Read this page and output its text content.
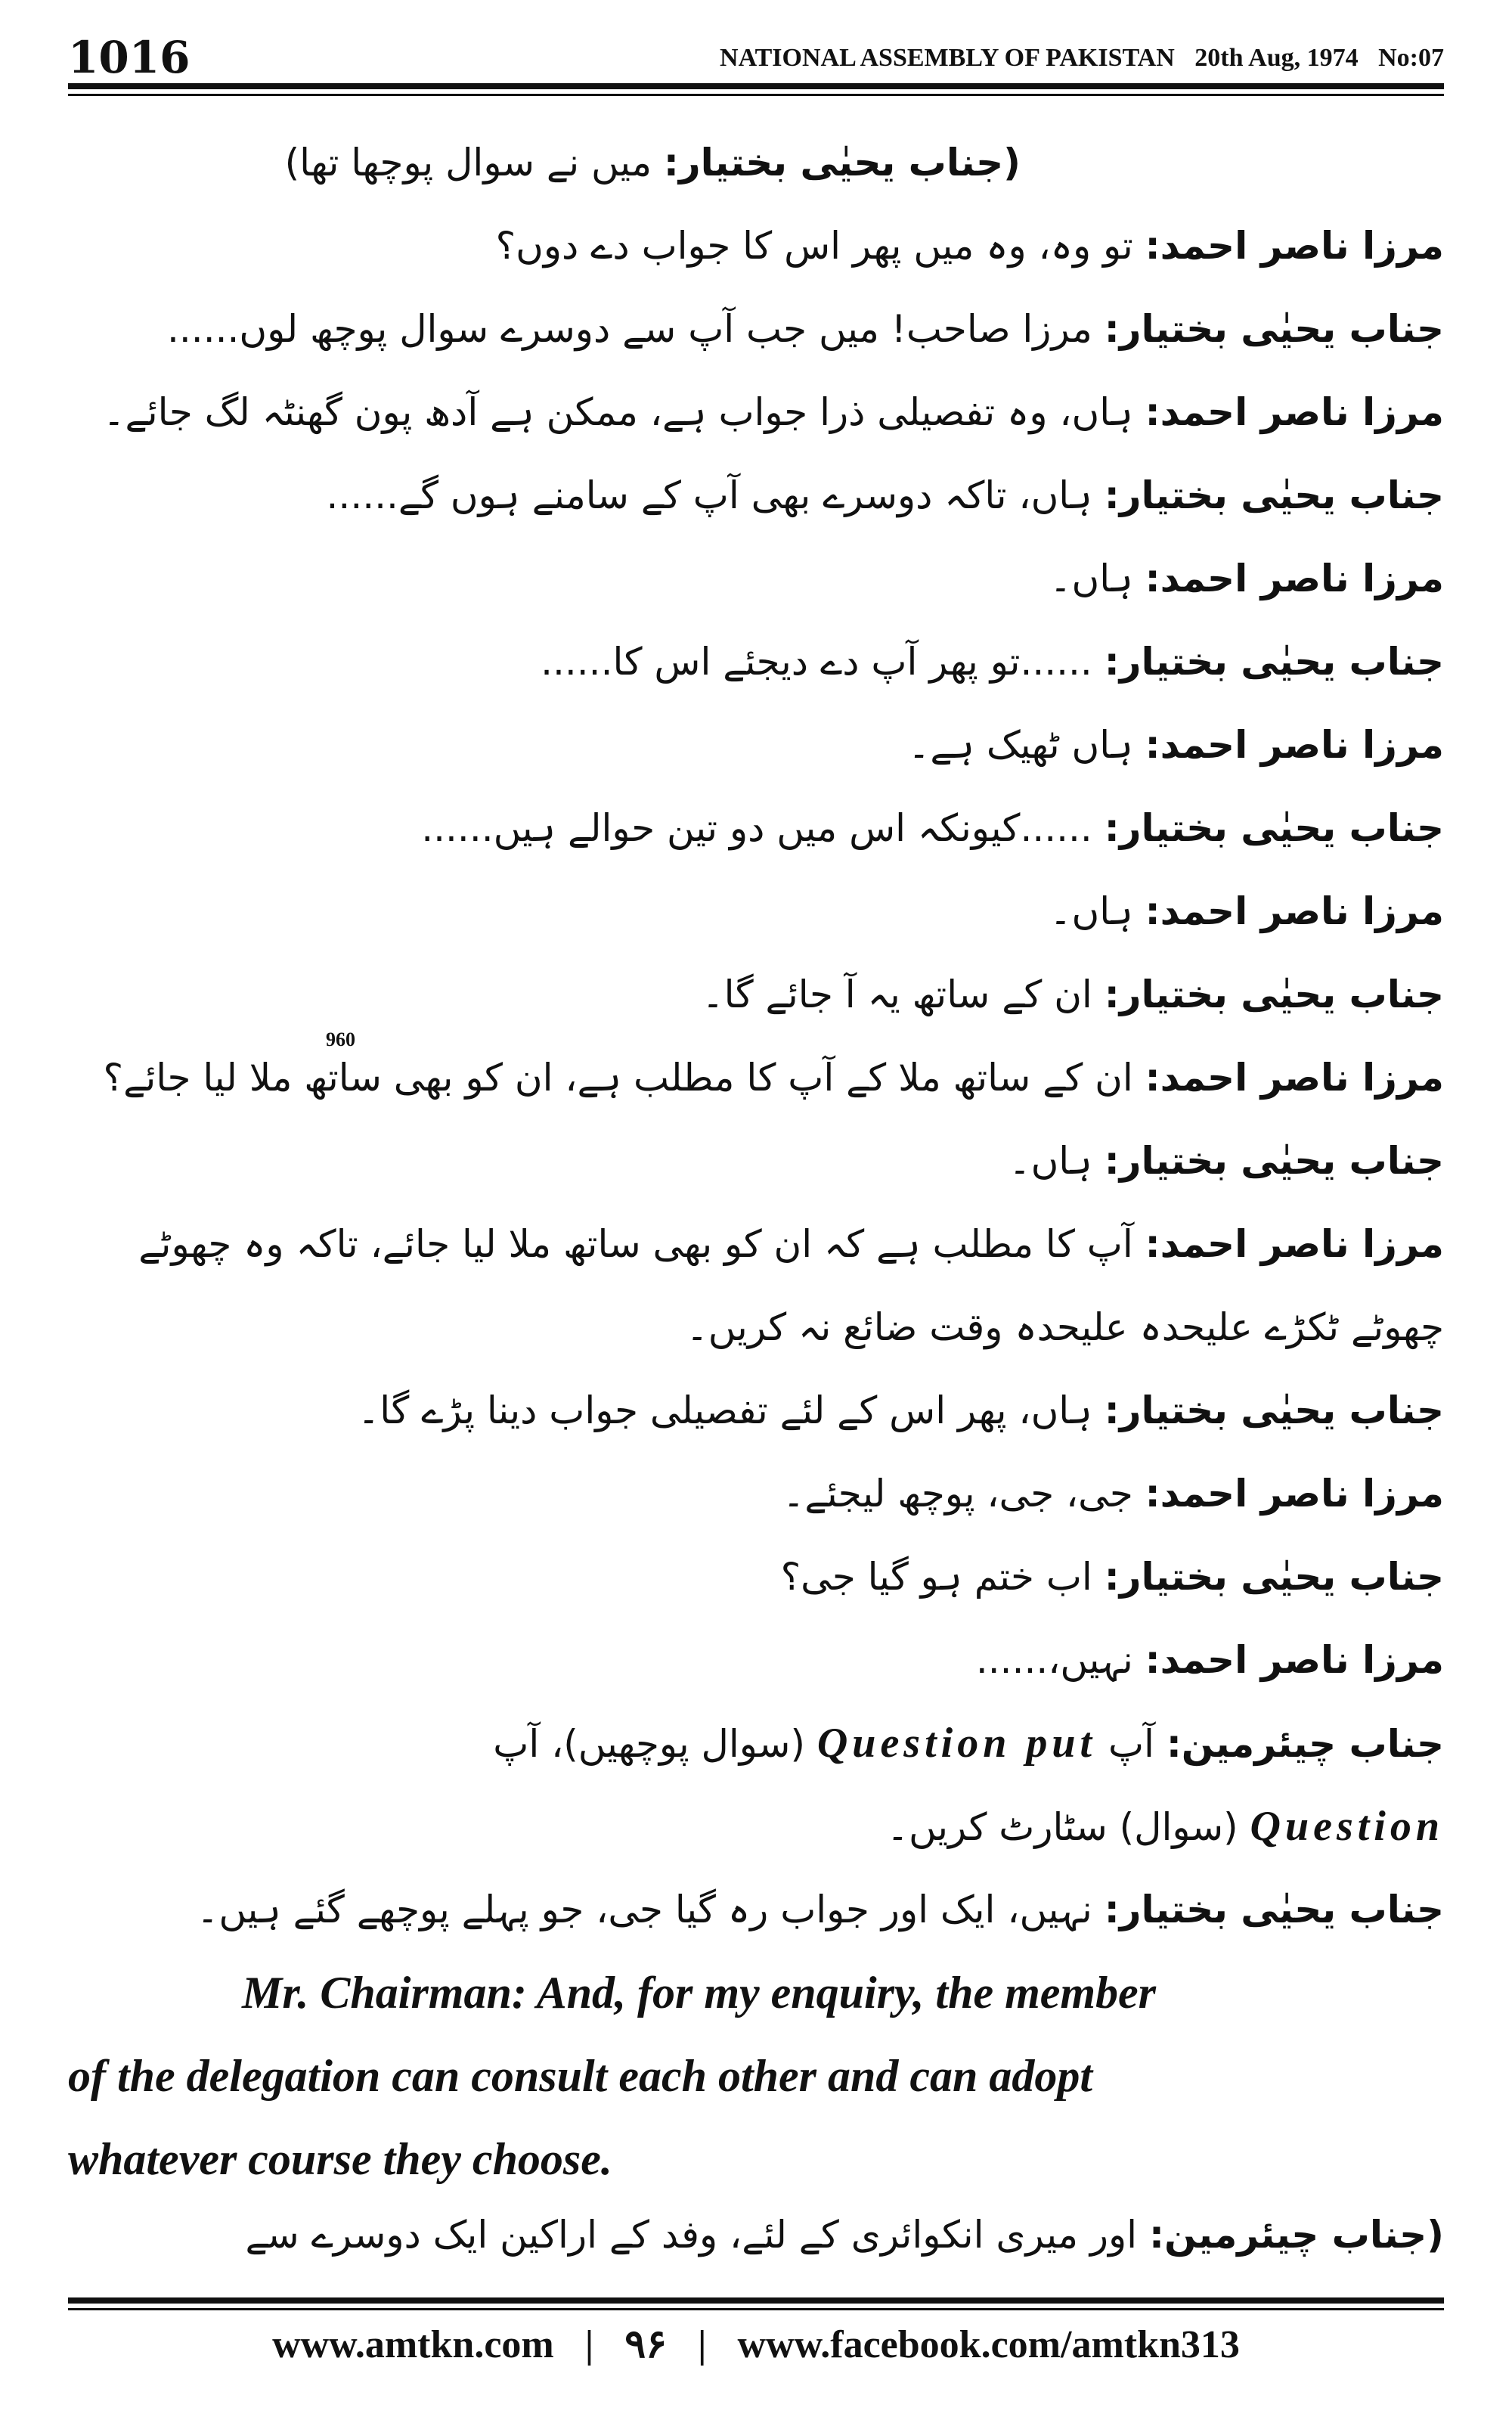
1016	NATIONAL ASSEMBLY OF PAKISTAN 20th Aug, 1974 No:07
(جناب یحیٰی بختیار: میں نے سوال پوچھا تھا)
مرزا ناصر احمد: تو وہ، وہ میں پھر اس کا جواب دے دوں؟
جناب یحیٰی بختیار: مرزا صاحب! میں جب آپ سے دوسرے سوال پوچھ لوں......
مرزا ناصر احمد: ہاں، وہ تفصیلی ذرا جواب ہے، ممکن ہے آدھ پون گھنٹہ لگ جائے۔
جناب یحیٰی بختیار: ہاں، تاکہ دوسرے بھی آپ کے سامنے ہوں گے......
مرزا ناصر احمد: ہاں۔
جناب یحیٰی بختیار: ......تو پھر آپ دے دیجئے اس کا......
مرزا ناصر احمد: ہاں ٹھیک ہے۔
جناب یحیٰی بختیار: ......کیونکہ اس میں دو تین حوالے ہیں......
مرزا ناصر احمد: ہاں۔
جناب یحیٰی بختیار: ان کے ساتھ یہ آ جائے گا۔
960
مرزا ناصر احمد: ان کے ساتھ ملا کے آپ کا مطلب ہے، ان کو بھی ساتھ ملا لیا جائے؟
جناب یحیٰی بختیار: ہاں۔
مرزا ناصر احمد: آپ کا مطلب ہے کہ ان کو بھی ساتھ ملا لیا جائے، تاکہ وہ چھوٹے
چھوٹے ٹکڑے علیحدہ علیحدہ وقت ضائع نہ کریں۔
جناب یحیٰی بختیار: ہاں، پھر اس کے لئے تفصیلی جواب دینا پڑے گا۔
مرزا ناصر احمد: جی، جی، پوچھ لیجئے۔
جناب یحیٰی بختیار: اب ختم ہو گیا جی؟
مرزا ناصر احمد: نہیں،......
جناب چیئرمین: آپ Question put (سوال پوچھیں)، آپ
Question (سوال) سٹارٹ کریں۔
جناب یحیٰی بختیار: نہیں، ایک اور جواب رہ گیا جی، جو پہلے پوچھے گئے ہیں۔
Mr. Chairman: And, for my enquiry, the member
of the delegation can consult each other and can adopt
whatever course they choose.
(جناب چیئرمین: اور میری انکوائری کے لئے، وفد کے اراکین ایک دوسرے سے
www.amtkn.com | ۹۶ | www.facebook.com/amtkn313
